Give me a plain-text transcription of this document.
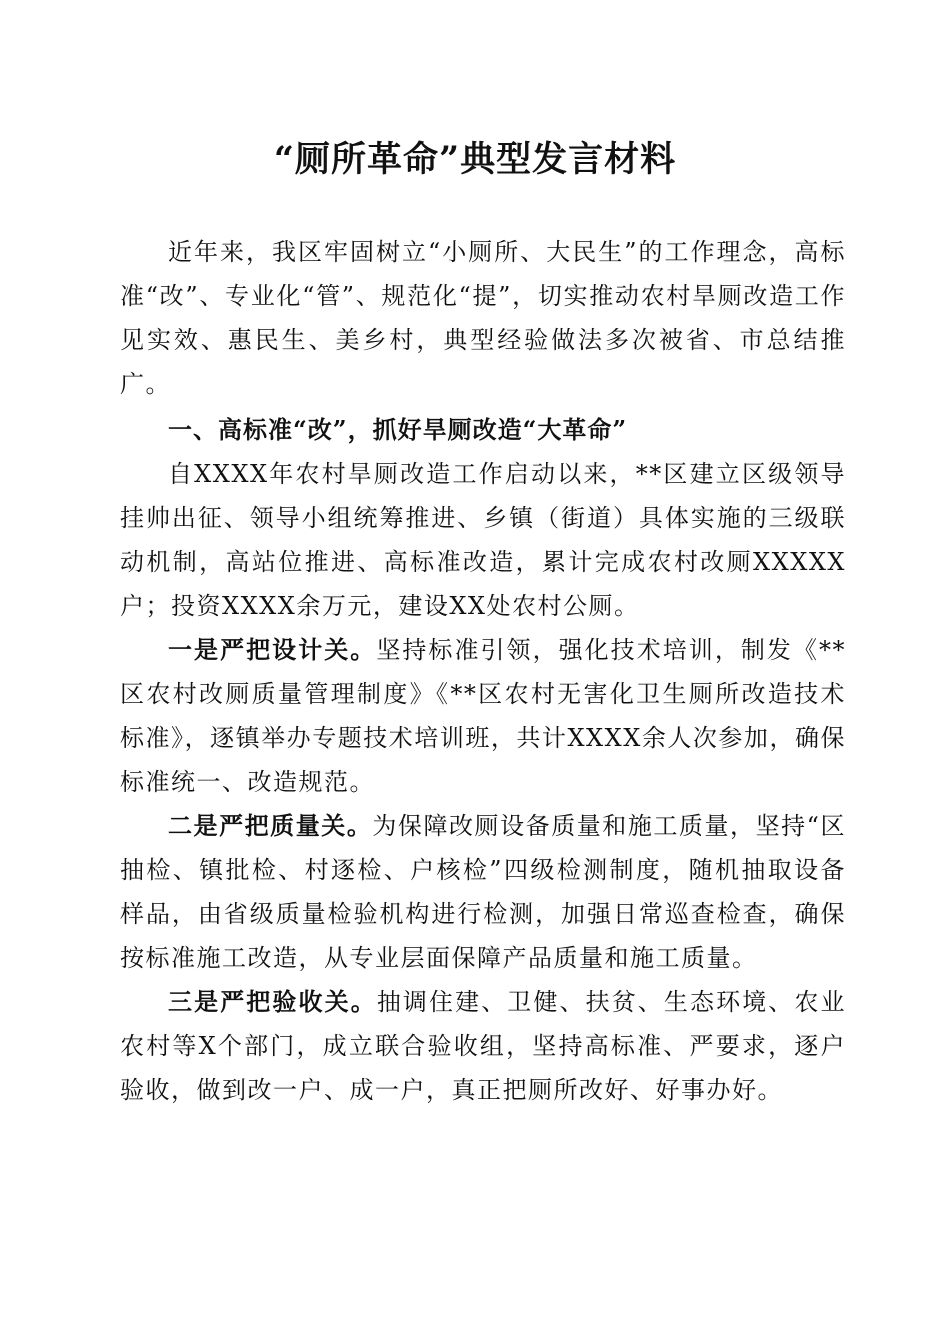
“厕所革命”典型发言材料

近年来，我区牢固树立“小厕所、大民生”的工作理念，高标准“改”、专业化“管”、规范化“提”，切实推动农村旱厕改造工作见实效、惠民生、美乡村，典型经验做法多次被省、市总结推广。

一、高标准“改”，抓好旱厕改造“大革命”

自XXXX年农村旱厕改造工作启动以来，**区建立区级领导挂帅出征、领导小组统筹推进、乡镇（街道）具体实施的三级联动机制，高站位推进、高标准改造，累计完成农村改厕XXXXX户；投资XXXX余万元，建设XX处农村公厕。

一是严把设计关。坚持标准引领，强化技术培训，制发《**区农村改厕质量管理制度》《**区农村无害化卫生厕所改造技术标准》，逐镇举办专题技术培训班，共计XXXX余人次参加，确保标准统一、改造规范。

二是严把质量关。为保障改厕设备质量和施工质量，坚持“区抽检、镇批检、村逐检、户核检”四级检测制度，随机抽取设备样品，由省级质量检验机构进行检测，加强日常巡查检查，确保按标准施工改造，从专业层面保障产品质量和施工质量。

三是严把验收关。抽调住建、卫健、扶贫、生态环境、农业农村等X个部门，成立联合验收组，坚持高标准、严要求，逐户验收，做到改一户、成一户，真正把厕所改好、好事办好。
